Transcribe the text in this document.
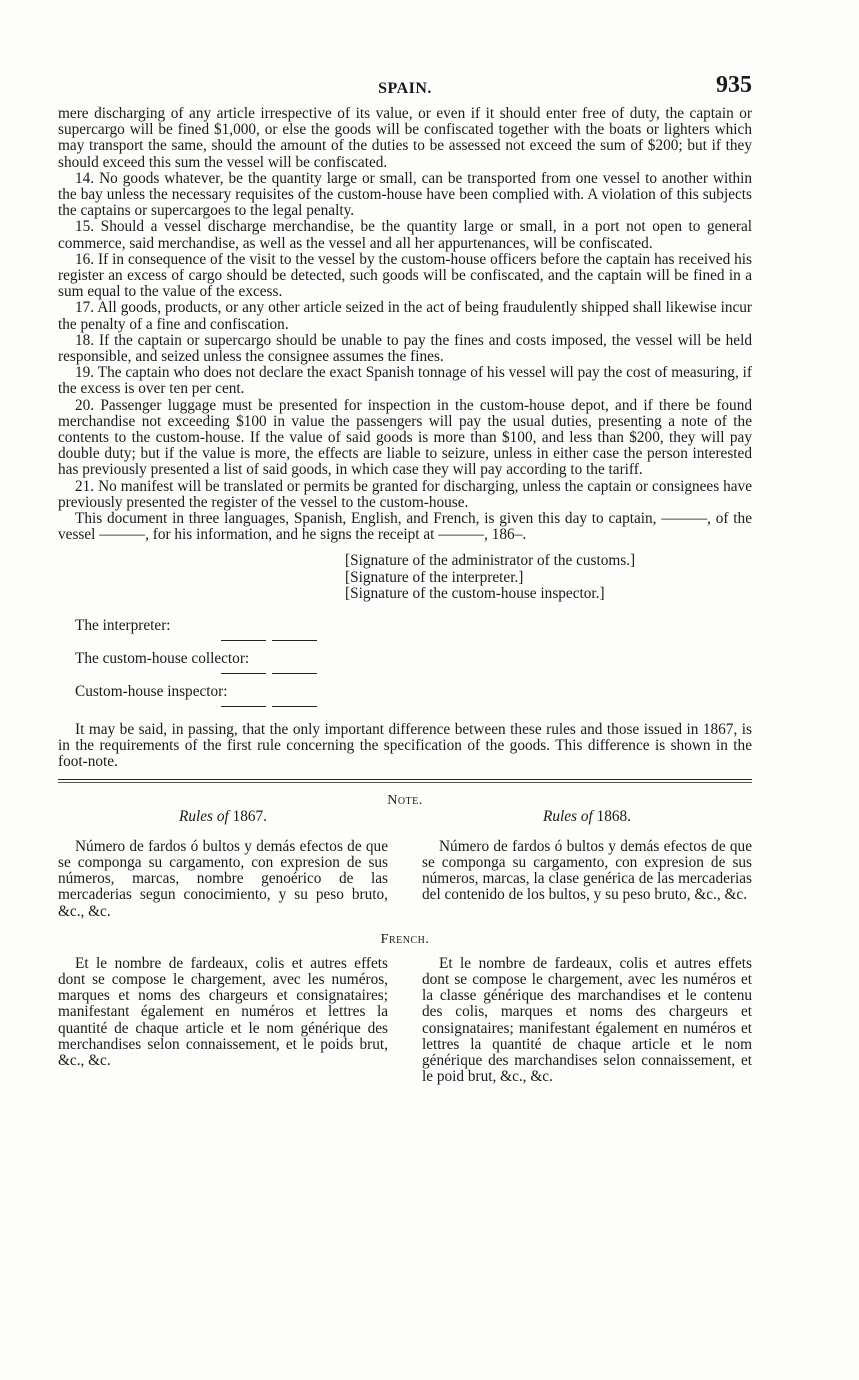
SPAIN.	935

mere discharging of any article irrespective of its value, or even if it should enter free of duty, the captain or supercargo will be fined $1,000, or else the goods will be confiscated together with the boats or lighters which may transport the same, should the amount of the duties to be assessed not exceed the sum of $200; but if they should exceed this sum the vessel will be confiscated.

14. No goods whatever, be the quantity large or small, can be transported from one vessel to another within the bay unless the necessary requisites of the custom-house have been complied with. A violation of this subjects the captains or supercargoes to the legal penalty.

15. Should a vessel discharge merchandise, be the quantity large or small, in a port not open to general commerce, said merchandise, as well as the vessel and all her appurtenances, will be confiscated.

16. If in consequence of the visit to the vessel by the custom-house officers before the captain has received his register an excess of cargo should be detected, such goods will be confiscated, and the captain will be fined in a sum equal to the value of the excess.

17. All goods, products, or any other article seized in the act of being fraudulently shipped shall likewise incur the penalty of a fine and confiscation.

18. If the captain or supercargo should be unable to pay the fines and costs imposed, the vessel will be held responsible, and seized unless the consignee assumes the fines.

19. The captain who does not declare the exact Spanish tonnage of his vessel will pay the cost of measuring, if the excess is over ten per cent.

20. Passenger luggage must be presented for inspection in the custom-house depot, and if there be found merchandise not exceeding $100 in value the passengers will pay the usual duties, presenting a note of the contents to the custom-house. If the value of said goods is more than $100, and less than $200, they will pay double duty; but if the value is more, the effects are liable to seizure, unless in either case the person interested has previously presented a list of said goods, in which case they will pay according to the tariff.

21. No manifest will be translated or permits be granted for discharging, unless the captain or consignees have previously presented the register of the vessel to the custom-house.

This document in three languages, Spanish, English, and French, is given this day to captain, ———, of the vessel ———, for his information, and he signs the receipt at ———, 186–.

[Signature of the administrator of the customs.]
[Signature of the interpreter.]
[Signature of the custom-house inspector.]
The interpreter:
The custom-house collector:
Custom-house inspector:

It may be said, in passing, that the only important difference between these rules and those issued in 1867, is in the requirements of the first rule concerning the specification of the goods. This difference is shown in the foot-note.

Note.
Rules of 1867.

Número de fardos ó bultos y demás efectos de que se componga su cargamento, con expresion de sus números, marcas, nombre genoérico de las mercaderias segun conocimiento, y su peso bruto, &c., &c.

Rules of 1868.

Número de fardos ó bultos y demás efectos de que se componga su cargamento, con expresion de sus números, marcas, la clase genérica de las mercaderias del contenido de los bultos, y su peso bruto, &c., &c.

French.

Et le nombre de fardeaux, colis et autres effets dont se compose le chargement, avec les numéros, marques et noms des chargeurs et consignataires; manifestant également en numéros et lettres la quantité de chaque article et le nom générique des merchandises selon connaissement, et le poids brut, &c., &c.

Et le nombre de fardeaux, colis et autres effets dont se compose le chargement, avec les numéros et la classe générique des marchandises et le contenu des colis, marques et noms des chargeurs et consignataires; manifestant également en numéros et lettres la quantité de chaque article et le nom générique des marchandises selon connaissement, et le poid brut, &c., &c.
